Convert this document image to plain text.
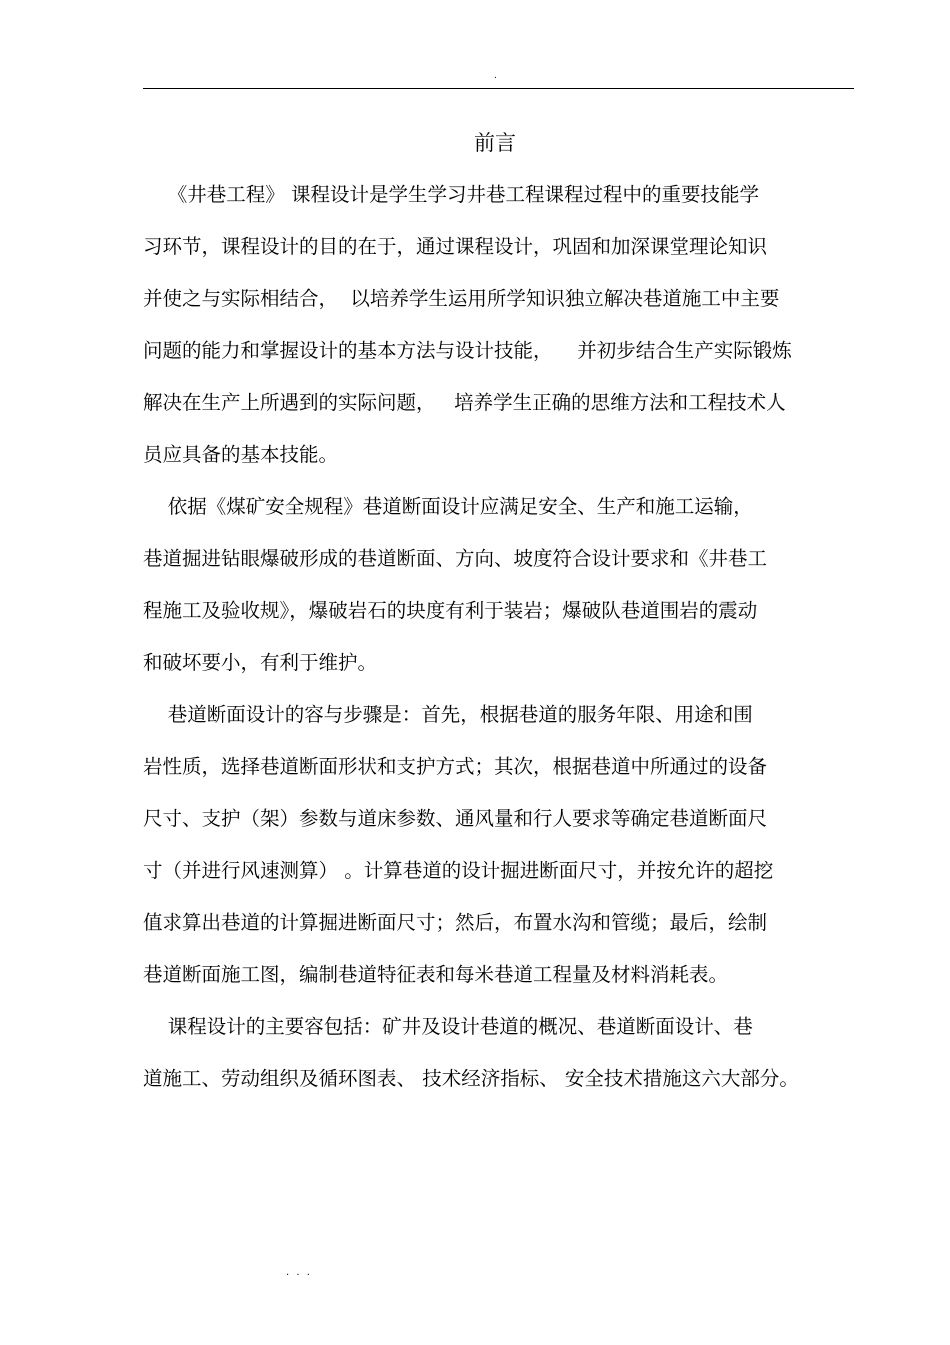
.
前言
《井巷工程》 课程设计是学生学习井巷工程课程过程中的重要技能学
习环节，课程设计的目的在于，通过课程设计，巩固和加深课堂理论知识
并使之与实际相结合，  以培养学生运用所学知识独立解决巷道施工中主要
问题的能力和掌握设计的基本方法与设计技能，    并初步结合生产实际锻炼
解决在生产上所遇到的实际问题，   培养学生正确的思维方法和工程技术人
员应具备的基本技能。
依据《煤矿安全规程》巷道断面设计应满足安全、生产和施工运输，
巷道掘进钻眼爆破形成的巷道断面、方向、坡度符合设计要求和《井巷工
程施工及验收规》，爆破岩石的块度有利于装岩；爆破队巷道围岩的震动
和破坏要小，有利于维护。
巷道断面设计的容与步骤是：首先，根据巷道的服务年限、用途和围
岩性质，选择巷道断面形状和支护方式；其次，根据巷道中所通过的设备
尺寸、支护（架）参数与道床参数、通风量和行人要求等确定巷道断面尺
寸（并进行风速测算） 。计算巷道的设计掘进断面尺寸，并按允许的超挖
值求算出巷道的计算掘进断面尺寸；然后，布置水沟和管缆；最后，绘制
巷道断面施工图，编制巷道特征表和每米巷道工程量及材料消耗表。
课程设计的主要容包括：矿井及设计巷道的概况、巷道断面设计、巷
道施工、劳动组织及循环图表、 技术经济指标、 安全技术措施这六大部分。
. . .
